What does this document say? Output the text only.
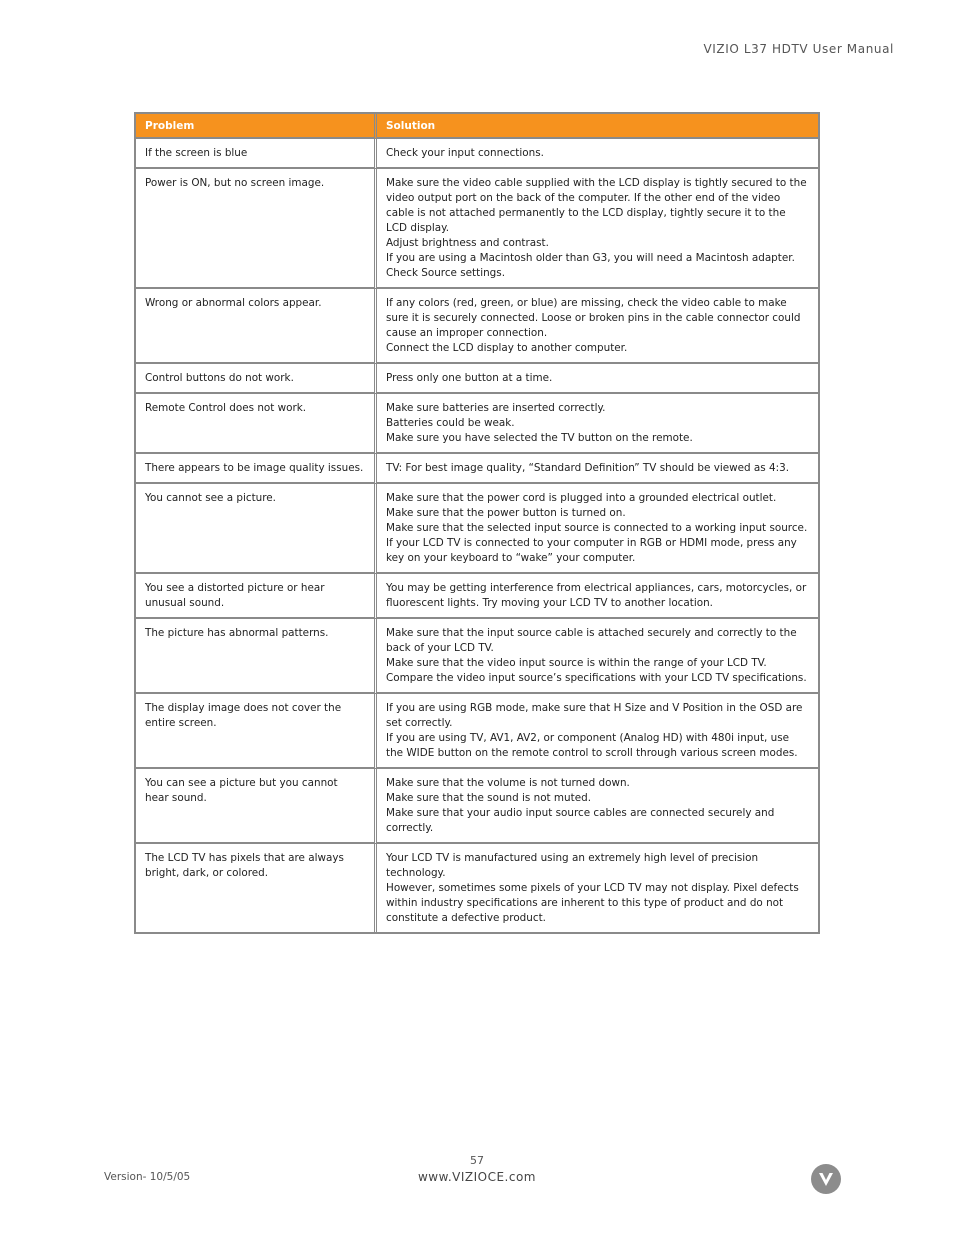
VIZIO L37 HDTV User Manual
Problem	Solution
If the screen is blue	Check your input connections.

Power is ON, but no screen image.	Make sure the video cable supplied with the LCD display is tightly secured to the video output port on the back of the computer. If the other end of the video cable is not attached permanently to the LCD display, tightly secure it to the LCD display.

Adjust brightness and contrast.

If you are using a Macintosh older than G3, you will need a Macintosh adapter.

Check Source settings.

Wrong or abnormal colors appear.	If any colors (red, green, or blue) are missing, check the video cable to make sure it is securely connected. Loose or broken pins in the cable connector could cause an improper connection.

Connect the LCD display to another computer.

Control buttons do not work.	Press only one button at a time.

Remote Control does not work.	Make sure batteries are inserted correctly.

Batteries could be weak.

Make sure you have selected the TV button on the remote.

There appears to be image quality issues.	TV: For best image quality, “Standard Definition” TV should be viewed as 4:3.

You cannot see a picture.	Make sure that the power cord is plugged into a grounded electrical outlet.

Make sure that the power button is turned on.

Make sure that the selected input source is connected to a working input source.

If your LCD TV is connected to your computer in RGB or HDMI mode, press any key on your keyboard to “wake” your computer.

You see a distorted picture or hear unusual sound.	You may be getting interference from electrical appliances, cars, motorcycles, or fluorescent lights. Try moving your LCD TV to another location.

The picture has abnormal patterns.	Make sure that the input source cable is attached securely and correctly to the back of your LCD TV.

Make sure that the video input source is within the range of your LCD TV.

Compare the video input source’s specifications with your LCD TV specifications.

The display image does not cover the entire screen.	If you are using RGB mode, make sure that H Size and V Position in the OSD are set correctly.

If you are using TV, AV1, AV2, or component (Analog HD) with 480i input, use the WIDE button on the remote control to scroll through various screen modes.

You can see a picture but you cannot hear sound.	Make sure that the volume is not turned down.

Make sure that the sound is not muted.

Make sure that your audio input source cables are connected securely and correctly.

The LCD TV has pixels that are always bright, dark, or colored.	Your LCD TV is manufactured using an extremely high level of precision technology.

However, sometimes some pixels of your LCD TV may not display. Pixel defects within industry specifications are inherent to this type of product and do not constitute a defective product.

57
Version- 10/5/05	www.VIZIOCE.com
